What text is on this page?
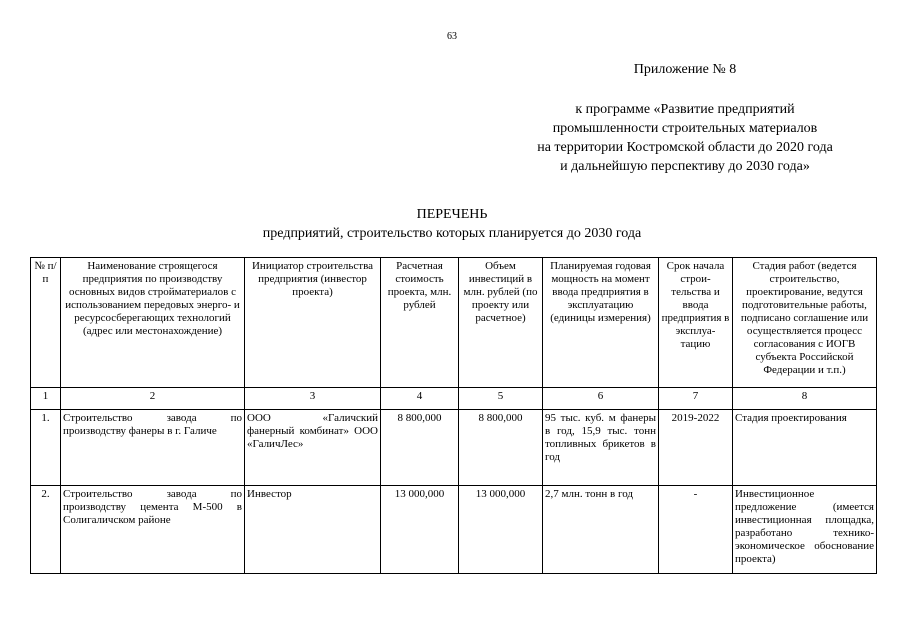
63
Приложение № 8
к программе «Развитие предприятий
промышленности строительных материалов
на территории Костромской области до 2020 года
и дальнейшую перспективу до 2030 года»
ПЕРЕЧЕНЬ
предприятий, строительство которых планируется до 2030 года
№ п/п	Наименование строящегося предприятия по производству основных видов стройматериалов с использованием передовых энерго- и ресурсосберегающих технологий (адрес или местонахождение)	Инициатор строительства предприятия (инвестор проекта)	Расчетная стоимость проекта, млн. рублей	Объем инвестиций в млн. рублей (по проекту или расчетное)	Планируемая годовая мощность на момент ввода предприятия в эксплуатацию (единицы измерения)	Срок начала строи-тельства и ввода предприятия в эксплуа-тацию	Стадия работ (ведется строительство, проектирование, ведутся подготовительные работы, подписано соглашение или осуществляется процесс согласования с ИОГВ субъекта Российской Федерации и т.п.)
1	2	3	4	5	6	7	8
1.	Строительство завода по производству фанеры в г. Галиче	ООО «Галичский фанерный комбинат» ООО «ГаличЛес»	8 800,000	8 800,000	95 тыс. куб. м фанеры в год, 15,9 тыс. тонн топливных брикетов в год	2019-2022	Стадия проектирования
2.	Строительство завода по производству цемента М-500 в Солигаличском районе	Инвестор	13 000,000	13 000,000	2,7 млн. тонн в год	-	Инвестиционное предложение (имеется инвестиционная площадка, разработано технико-экономическое обоснование проекта)
